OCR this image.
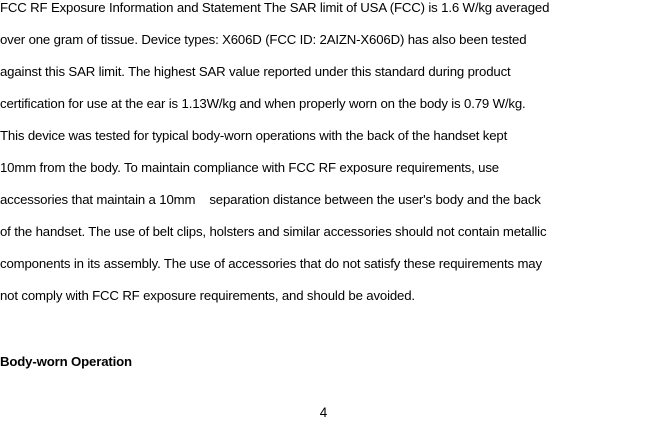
FCC RF Exposure Information and Statement The SAR limit of USA (FCC) is 1.6 W/kg averaged
over one gram of tissue. Device types: X606D (FCC ID: 2AIZN-X606D) has also been tested
against this SAR limit. The highest SAR value reported under this standard during product
certification for use at the ear is 1.13W/kg and when properly worn on the body is 0.79 W/kg.
This device was tested for typical body-worn operations with the back of the handset kept
10mm from the body. To maintain compliance with FCC RF exposure requirements, use
accessories that maintain a 10mm    separation distance between the user's body and the back
of the handset. The use of belt clips, holsters and similar accessories should not contain metallic
components in its assembly. The use of accessories that do not satisfy these requirements may
not comply with FCC RF exposure requirements, and should be avoided.
Body-worn Operation
4
